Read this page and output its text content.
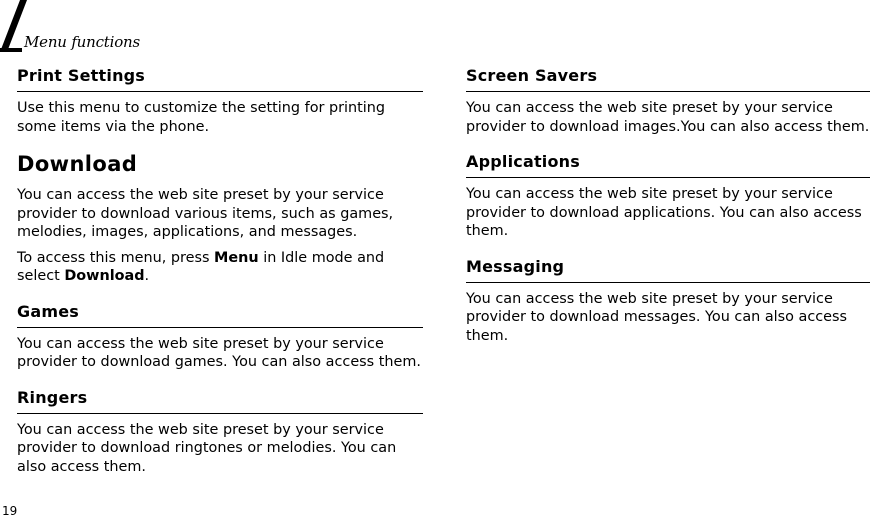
Menu functions
Print Settings

Use this menu to customize the setting for printing some items via the phone.

Download

You can access the web site preset by your service provider to download various items, such as games, melodies, images, applications, and messages.

To access this menu, press Menu in Idle mode and select Download.

Games

You can access the web site preset by your service provider to download games. You can also access them.

Ringers

You can access the web site preset by your service provider to download ringtones or melodies. You can also access them.

Screen Savers

You can access the web site preset by your service provider to download images.You can also access them.

Applications

You can access the web site preset by your service provider to download applications. You can also access them.

Messaging

You can access the web site preset by your service provider to download messages. You can also access them.

19
